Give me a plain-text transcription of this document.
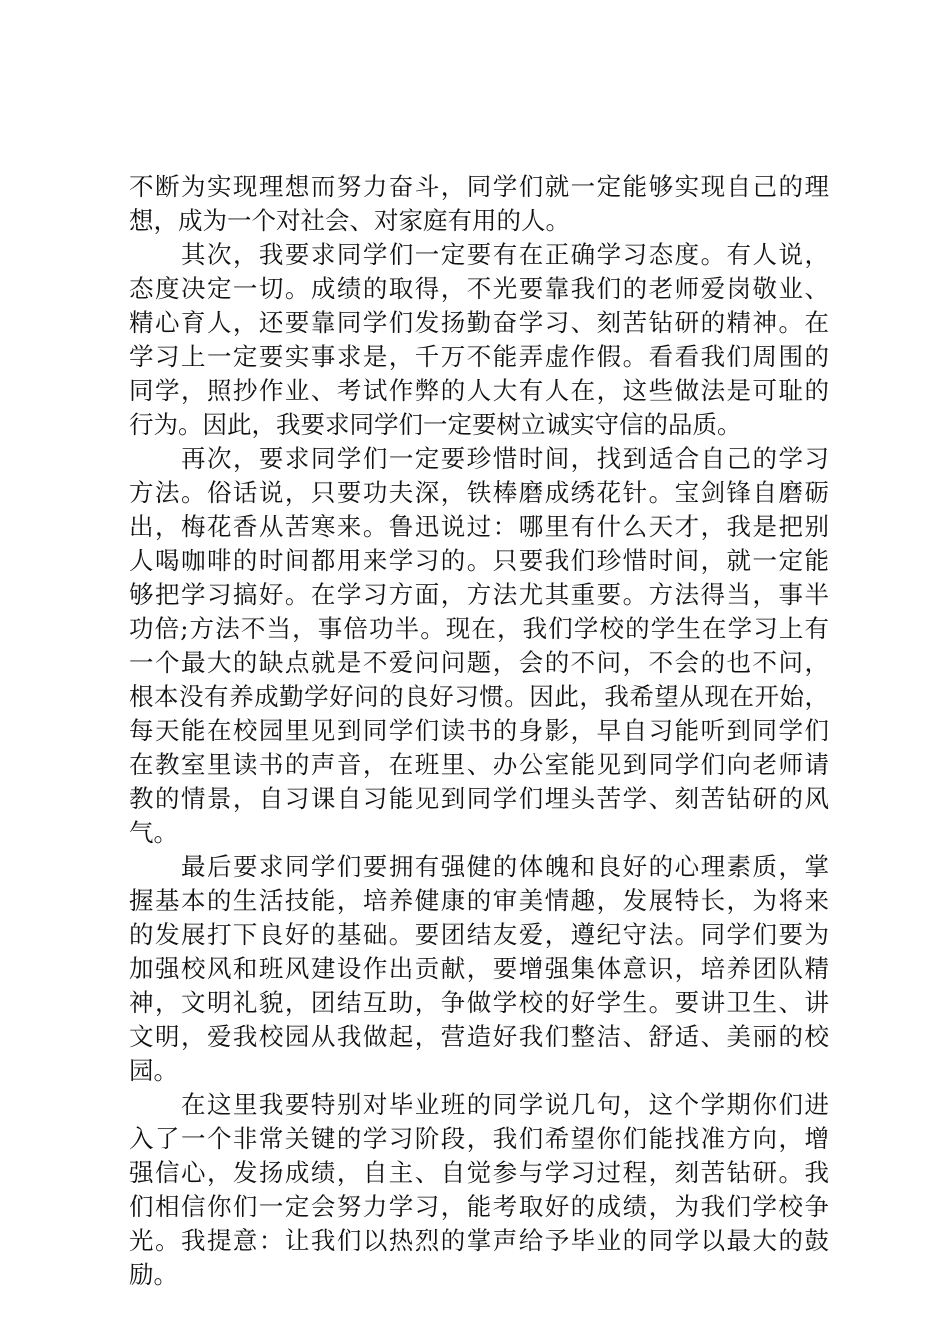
不断为实现理想而努力奋斗，同学们就一定能够实现自己的理
想，成为一个对社会、对家庭有用的人。
其次，我要求同学们一定要有在正确学习态度。有人说，
态度决定一切。成绩的取得，不光要靠我们的老师爱岗敬业、
精心育人，还要靠同学们发扬勤奋学习、刻苦钻研的精神。在
学习上一定要实事求是，千万不能弄虚作假。看看我们周围的
同学，照抄作业、考试作弊的人大有人在，这些做法是可耻的
行为。因此，我要求同学们一定要树立诚实守信的品质。
再次，要求同学们一定要珍惜时间，找到适合自己的学习
方法。俗话说，只要功夫深，铁棒磨成绣花针。宝剑锋自磨砺
出，梅花香从苦寒来。鲁迅说过：哪里有什么天才，我是把别
人喝咖啡的时间都用来学习的。只要我们珍惜时间，就一定能
够把学习搞好。在学习方面，方法尤其重要。方法得当，事半
功倍;方法不当，事倍功半。现在，我们学校的学生在学习上有
一个最大的缺点就是不爱问问题，会的不问，不会的也不问，
根本没有养成勤学好问的良好习惯。因此，我希望从现在开始，
每天能在校园里见到同学们读书的身影，早自习能听到同学们
在教室里读书的声音，在班里、办公室能见到同学们向老师请
教的情景，自习课自习能见到同学们埋头苦学、刻苦钻研的风
气。
最后要求同学们要拥有强健的体魄和良好的心理素质，掌
握基本的生活技能，培养健康的审美情趣，发展特长，为将来
的发展打下良好的基础。要团结友爱，遵纪守法。同学们要为
加强校风和班风建设作出贡献，要增强集体意识，培养团队精
神，文明礼貌，团结互助，争做学校的好学生。要讲卫生、讲
文明，爱我校园从我做起，营造好我们整洁、舒适、美丽的校
园。
在这里我要特别对毕业班的同学说几句，这个学期你们进
入了一个非常关键的学习阶段，我们希望你们能找准方向，增
强信心，发扬成绩，自主、自觉参与学习过程，刻苦钻研。我
们相信你们一定会努力学习，能考取好的成绩，为我们学校争
光。我提意：让我们以热烈的掌声给予毕业的同学以最大的鼓
励。
